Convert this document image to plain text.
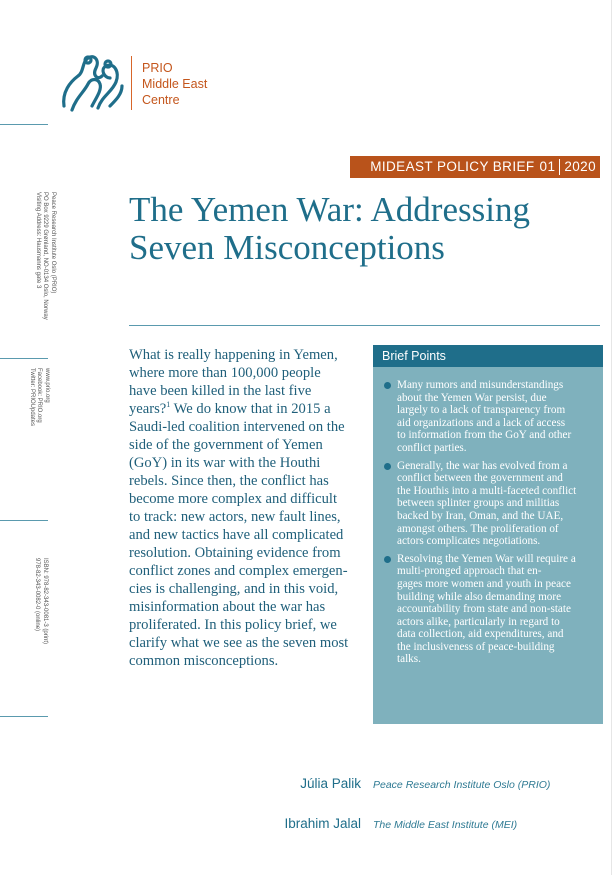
PRIO
Middle East
Centre
MIDEAST POLICY BRIEF 01 2020
The Yemen War: Addressing
Seven Misconceptions
Peace Research Institute Oslo (PRIO)
PO Box 9229 Grønland, NO-0134 Oslo, Norway
Visiting Address: Hausmanns gate 3
www.prio.org
Facebook: PRIO.org
Twitter: PRIOUpdates
ISBN: 978-82-343-0081-3 (print)
978-82-343-0082-0 (online)

What is really happening in Yemen,
where more than 100,000 people
have been killed in the last five
years?$^1$ We do know that in 2015 a
Saudi-led coalition intervened on the
side of the government of Yemen
(GoY) in its war with the Houthi
rebels. Since then, the conflict has
become more complex and difficult
to track: new actors, new fault lines,
and new tactics have all complicated
resolution. Obtaining evidence from
conflict zones and complex emergen-
cies is challenging, and in this void,
misinformation about the war has
proliferated. In this policy brief, we
clarify what we see as the seven most
common misconceptions.

Brief Points
Many rumors and misunderstandings
about the Yemen War persist, due
largely to a lack of transparency from
aid organizations and a lack of access
to information from the GoY and other
conflict parties.
Generally, the war has evolved from a
conflict between the government and
the Houthis into a multi-faceted conflict
between splinter groups and militias
backed by Iran, Oman, and the UAE,
amongst others. The proliferation of
actors complicates negotiations.
Resolving the Yemen War will require a
multi-pronged approach that en-
gages more women and youth in peace
building while also demanding more
accountability from state and non-state
actors alike, particularly in regard to
data collection, aid expenditures, and
the inclusiveness of peace-building
talks.
Júlia Palik Peace Research Institute Oslo (PRIO)
Ibrahim Jalal The Middle East Institute (MEI)
